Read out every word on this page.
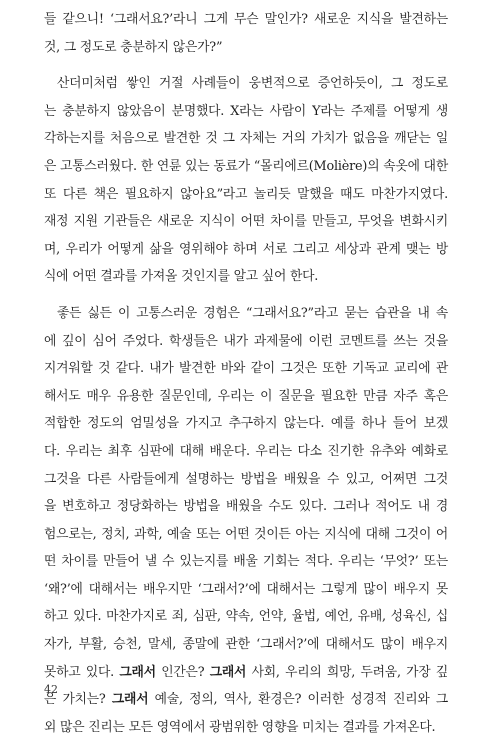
들 같으니! ‘그래서요?’라니 그게 무슨 말인가? 새로운 지식을 발견하는
것, 그 정도로 충분하지 않은가?”
산더미처럼 쌓인 거절 사례들이 웅변적으로 증언하듯이, 그 정도로
는 충분하지 않았음이 분명했다. X라는 사람이 Y라는 주제를 어떻게 생
각하는지를 처음으로 발견한 것 그 자체는 거의 가치가 없음을 깨닫는 일
은 고통스러웠다. 한 연륜 있는 동료가 “몰리에르(Molière)의 속옷에 대한
또 다른 책은 필요하지 않아요”라고 놀리듯 말했을 때도 마찬가지였다.
재정 지원 기관들은 새로운 지식이 어떤 차이를 만들고, 무엇을 변화시키
며, 우리가 어떻게 삶을 영위해야 하며 서로 그리고 세상과 관계 맺는 방
식에 어떤 결과를 가져올 것인지를 알고 싶어 한다.
좋든 싫든 이 고통스러운 경험은 “그래서요?”라고 묻는 습관을 내 속
에 깊이 심어 주었다. 학생들은 내가 과제물에 이런 코멘트를 쓰는 것을
지겨워할 것 같다. 내가 발견한 바와 같이 그것은 또한 기독교 교리에 관
해서도 매우 유용한 질문인데, 우리는 이 질문을 필요한 만큼 자주 혹은
적합한 정도의 엄밀성을 가지고 추구하지 않는다. 예를 하나 들어 보겠
다. 우리는 최후 심판에 대해 배운다. 우리는 다소 진기한 유추와 예화로
그것을 다른 사람들에게 설명하는 방법을 배웠을 수 있고, 어쩌면 그것
을 변호하고 정당화하는 방법을 배웠을 수도 있다. 그러나 적어도 내 경
험으로는, 정치, 과학, 예술 또는 어떤 것이든 아는 지식에 대해 그것이 어
떤 차이를 만들어 낼 수 있는지를 배울 기회는 적다. 우리는 ‘무엇?’ 또는
‘왜?’에 대해서는 배우지만 ‘그래서?’에 대해서는 그렇게 많이 배우지 못
하고 있다. 마찬가지로 죄, 심판, 약속, 언약, 율법, 예언, 유배, 성육신, 십
자가, 부활, 승천, 말세, 종말에 관한 ‘그래서?’에 대해서도 많이 배우지
못하고 있다. 그래서 인간은? 그래서 사회, 우리의 희망, 두려움, 가장 깊
은 가치는? 그래서 예술, 정의, 역사, 환경은? 이러한 성경적 진리와 그
외 많은 진리는 모든 영역에서 광범위한 영향을 미치는 결과를 가져온다.
42
